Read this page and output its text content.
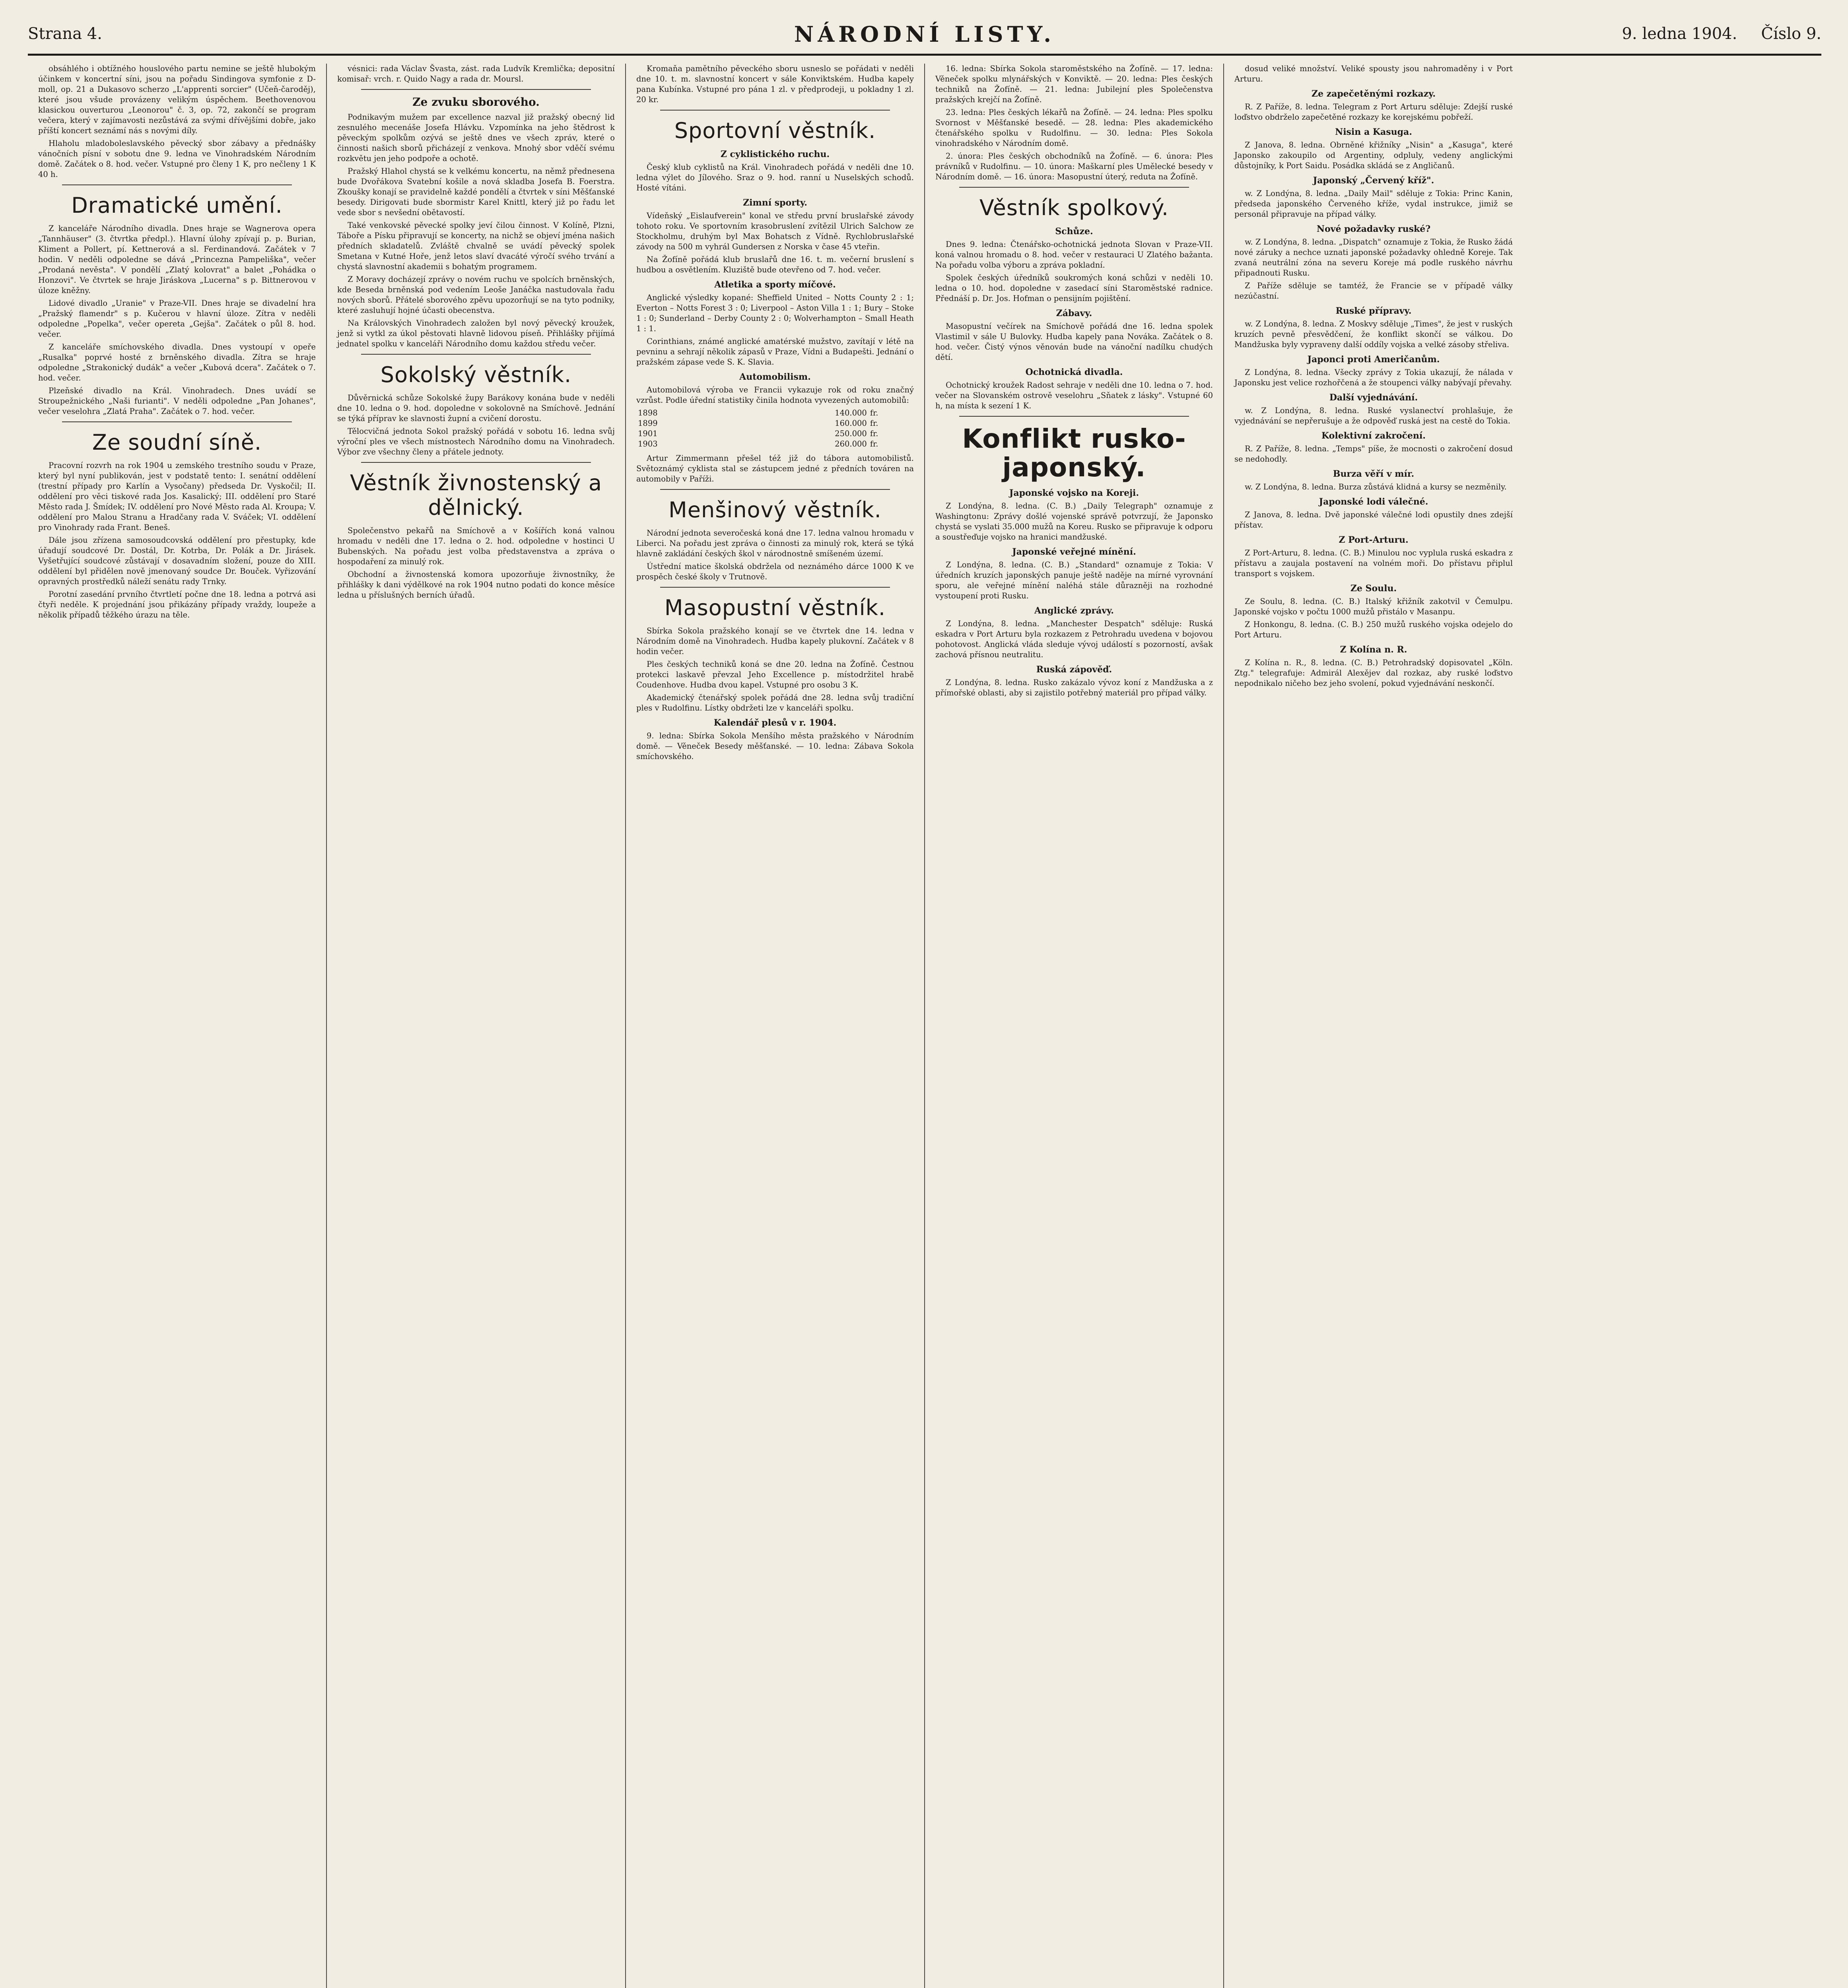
Strana 4.	NÁRODNÍ LISTY.	9. ledna 1904. Číslo 9.

obsáhlého i obtížného houslového partu nemine se ještě hlubokým účinkem v koncertní síni, jsou na pořadu Sindingova symfonie z D-moll, op. 21 a Dukasovo scherzo „L'apprenti sorcier" (Učeň-čaroděj), které jsou všude provázeny velikým úspěchem. Beethovenovou klasickou ouverturou „Leonorou" č. 3, op. 72, zakončí se program večera, který v zajímavosti nezůstává za svými dřívějšími dobře, jako příští koncert seznámí nás s novými díly.

Hlaholu mladoboleslavského pěvecký sbor zábavy a přednášky vánočních písní v sobotu dne 9. ledna ve Vinohradském Národním domě. Začátek o 8. hod. večer. Vstupné pro členy 1 K, pro nečleny 1 K 40 h.

Dramatické umění.

Z kanceláře Národního divadla. Dnes hraje se Wagnerova opera „Tannhäuser" (3. čtvrtka předpl.). Hlavní úlohy zpívají p. p. Burian, Kliment a Pollert, pí. Kettnerová a sl. Ferdinandová. Začátek v 7 hodin. V neděli odpoledne se dává „Princezna Pampeliška", večer „Prodaná nevěsta". V pondělí „Zlatý kolovrat" a balet „Pohádka o Honzovi". Ve čtvrtek se hraje Jiráskova „Lucerna" s p. Bittnerovou v úloze kněžny.

Lidové divadlo „Uranie" v Praze-VII. Dnes hraje se divadelní hra „Pražský flamendr" s p. Kučerou v hlavní úloze. Zítra v neděli odpoledne „Popelka", večer opereta „Gejša". Začátek o půl 8. hod. večer.

Z kanceláře smíchovského divadla. Dnes vystoupí v opeře „Rusalka" poprvé hosté z brněnského divadla. Zítra se hraje odpoledne „Strakonický dudák" a večer „Kubová dcera". Začátek o 7. hod. večer.

Plzeňské divadlo na Král. Vinohradech. Dnes uvádí se Stroupežnického „Naši furianti". V neděli odpoledne „Pan Johanes", večer veselohra „Zlatá Praha". Začátek o 7. hod. večer.

Ze soudní síně.

Pracovní rozvrh na rok 1904 u zemského trestního soudu v Praze, který byl nyní publikován, jest v podstatě tento: I. senátní oddělení (trestní případy pro Karlín a Vysočany) předseda Dr. Vyskočil; II. oddělení pro věci tiskové rada Jos. Kasalický; III. oddělení pro Staré Město rada J. Šmídek; IV. oddělení pro Nové Město rada Al. Kroupa; V. oddělení pro Malou Stranu a Hradčany rada V. Sváček; VI. oddělení pro Vinohrady rada Frant. Beneš.

Dále jsou zřízena samosoudcovská oddělení pro přestupky, kde úřadují soudcové Dr. Dostál, Dr. Kotrba, Dr. Polák a Dr. Jirásek. Vyšetřující soudcové zůstávají v dosavadním složení, pouze do XIII. oddělení byl přidělen nově jmenovaný soudce Dr. Bouček. Vyřizování opravných prostředků náleží senátu rady Trnky.

Porotní zasedání prvního čtvrtletí počne dne 18. ledna a potrvá asi čtyři neděle. K projednání jsou přikázány případy vraždy, loupeže a několik případů těžkého úrazu na těle.

vésnici: rada Václav Švasta, zást. rada Ludvík Kremlička; depositní komisař: vrch. r. Quido Nagy a rada dr. Moursl.

Ze zvuku sborového.

Podnikavým mužem par excellence nazval již pražský obecný lid zesnulého mecenáše Josefa Hlávku. Vzpomínka na jeho štědrost k pěveckým spolkům ozývá se ještě dnes ve všech zpráv, které o činnosti našich sborů přicházejí z venkova. Mnohý sbor vděčí svému rozkvětu jen jeho podpoře a ochotě.

Pražský Hlahol chystá se k velkému koncertu, na němž přednesena bude Dvořákova Svatební košile a nová skladba Josefa B. Foerstra. Zkoušky konají se pravidelně každé pondělí a čtvrtek v síni Měšťanské besedy. Dirigovati bude sbormistr Karel Knittl, který již po řadu let vede sbor s nevšední obětavostí.

Také venkovské pěvecké spolky jeví čilou činnost. V Kolíně, Plzni, Táboře a Písku připravují se koncerty, na nichž se objeví jména našich předních skladatelů. Zvláště chvalně se uvádí pěvecký spolek Smetana v Kutné Hoře, jenž letos slaví dvacáté výročí svého trvání a chystá slavnostní akademii s bohatým programem.

Z Moravy docházejí zprávy o novém ruchu ve spolcích brněnských, kde Beseda brněnská pod vedením Leoše Janáčka nastudovala řadu nových sborů. Přátelé sborového zpěvu upozorňují se na tyto podniky, které zasluhují hojné účasti obecenstva.

Na Královských Vinohradech založen byl nový pěvecký kroužek, jenž si vytkl za úkol pěstovati hlavně lidovou píseň. Přihlášky přijímá jednatel spolku v kanceláři Národního domu každou středu večer.

Sokolský věstník.

Důvěrnická schůze Sokolské župy Barákovy konána bude v neděli dne 10. ledna o 9. hod. dopoledne v sokolovně na Smíchově. Jednání se týká příprav ke slavnosti župní a cvičení dorostu.

Tělocvičná jednota Sokol pražský pořádá v sobotu 16. ledna svůj výroční ples ve všech místnostech Národního domu na Vinohradech. Výbor zve všechny členy a přátele jednoty.

Věstník živnostenský a dělnický.

Společenstvo pekařů na Smíchově a v Košířích koná valnou hromadu v neděli dne 17. ledna o 2. hod. odpoledne v hostinci U Bubenských. Na pořadu jest volba představenstva a zpráva o hospodaření za minulý rok.

Obchodní a živnostenská komora upozorňuje živnostníky, že přihlášky k dani výdělkové na rok 1904 nutno podati do konce měsíce ledna u příslušných berních úřadů.

Kromaňa pamětního pěveckého sboru usneslo se pořádati v neděli dne 10. t. m. slavnostní koncert v sále Konviktském. Hudba kapely pana Kubínka. Vstupné pro pána 1 zl. v předprodeji, u pokladny 1 zl. 20 kr.

Sportovní věstník.
Z cyklistického ruchu.

Český klub cyklistů na Král. Vinohradech pořádá v neděli dne 10. ledna výlet do Jílového. Sraz o 9. hod. ranní u Nuselských schodů. Hosté vítáni.

Zimní sporty.

Vídeňský „Eislaufverein" konal ve středu první bruslařské závody tohoto roku. Ve sportovním krasobruslení zvítězil Ulrich Salchow ze Stockholmu, druhým byl Max Bohatsch z Vídně. Rychlobruslařské závody na 500 m vyhrál Gundersen z Norska v čase 45 vteřin.

Na Žofíně pořádá klub bruslařů dne 16. t. m. večerní bruslení s hudbou a osvětlením. Kluziště bude otevřeno od 7. hod. večer.

Atletika a sporty míčové.

Anglické výsledky kopané: Sheffield United – Notts County 2 : 1; Everton – Notts Forest 3 : 0; Liverpool – Aston Villa 1 : 1; Bury – Stoke 1 : 0; Sunderland – Derby County 2 : 0; Wolverhampton – Small Heath 1 : 1.

Corinthians, známé anglické amatérské mužstvo, zavítají v létě na pevninu a sehrají několik zápasů v Praze, Vídni a Budapešti. Jednání o pražském zápase vede S. K. Slavia.

Automobilism.

Automobilová výroba ve Francii vykazuje rok od roku značný vzrůst. Podle úřední statistiky činila hodnota vyvezených automobilů:

1898	140.000	fr.
1899	160.000	fr.
1901	250.000	fr.
1903	260.000	fr.

Artur Zimmermann přešel též již do tábora automobilistů. Světoznámý cyklista stal se zástupcem jedné z předních továren na automobily v Paříži.

Menšinový věstník.

Národní jednota severočeská koná dne 17. ledna valnou hromadu v Liberci. Na pořadu jest zpráva o činnosti za minulý rok, která se týká hlavně zakládání českých škol v národnostně smíšeném území.

Ústřední matice školská obdržela od neznámého dárce 1000 K ve prospěch české školy v Trutnově.

Masopustní věstník.

Sbírka Sokola pražského konají se ve čtvrtek dne 14. ledna v Národním domě na Vinohradech. Hudba kapely plukovní. Začátek v 8 hodin večer.

Ples českých techniků koná se dne 20. ledna na Žofíně. Čestnou protekci laskavě převzal Jeho Excellence p. místodržitel hrabě Coudenhove. Hudba dvou kapel. Vstupné pro osobu 3 K.

Akademický čtenářský spolek pořádá dne 28. ledna svůj tradiční ples v Rudolfinu. Lístky obdržeti lze v kanceláři spolku.

Kalendář plesů v r. 1904.

9. ledna: Sbírka Sokola Menšího města pražského v Národním domě. — Věneček Besedy měšťanské. — 10. ledna: Zábava Sokola smíchovského.

16. ledna: Sbírka Sokola staroměstského na Žofíně. — 17. ledna: Věneček spolku mlynářských v Konviktě. — 20. ledna: Ples českých techniků na Žofíně. — 21. ledna: Jubilejní ples Společenstva pražských krejčí na Žofíně.

23. ledna: Ples českých lékařů na Žofíně. — 24. ledna: Ples spolku Svornost v Měšťanské besedě. — 28. ledna: Ples akademického čtenářského spolku v Rudolfinu. — 30. ledna: Ples Sokola vinohradského v Národním domě.

2. února: Ples českých obchodníků na Žofíně. — 6. února: Ples právníků v Rudolfinu. — 10. února: Maškarní ples Umělecké besedy v Národním domě. — 16. února: Masopustní úterý, reduta na Žofíně.

Věstník spolkový.
Schůze.

Dnes 9. ledna: Čtenářsko-ochotnická jednota Slovan v Praze-VII. koná valnou hromadu o 8. hod. večer v restauraci U Zlatého bažanta. Na pořadu volba výboru a zpráva pokladní.

Spolek českých úředníků soukromých koná schůzi v neděli 10. ledna o 10. hod. dopoledne v zasedací síni Staroměstské radnice. Přednáší p. Dr. Jos. Hofman o pensijním pojištění.

Zábavy.

Masopustní večírek na Smíchově pořádá dne 16. ledna spolek Vlastimil v sále U Bulovky. Hudba kapely pana Nováka. Začátek o 8. hod. večer. Čistý výnos věnován bude na vánoční nadílku chudých dětí.

Ochotnická divadla.

Ochotnický kroužek Radost sehraje v neděli dne 10. ledna o 7. hod. večer na Slovanském ostrově veselohru „Sňatek z lásky". Vstupné 60 h, na místa k sezení 1 K.

Konflikt rusko-japonský.
Japonské vojsko na Koreji.

Z Londýna, 8. ledna. (C. B.) „Daily Telegraph" oznamuje z Washingtonu: Zprávy došlé vojenské správě potvrzují, že Japonsko chystá se vyslati 35.000 mužů na Koreu. Rusko se připravuje k odporu a soustřeďuje vojsko na hranici mandžuské.

Japonské veřejné mínění.

Z Londýna, 8. ledna. (C. B.) „Standard" oznamuje z Tokia: V úředních kruzích japonských panuje ještě naděje na mírné vyrovnání sporu, ale veřejné mínění naléhá stále důrazněji na rozhodné vystoupení proti Rusku.

Anglické zprávy.

Z Londýna, 8. ledna. „Manchester Despatch" sděluje: Ruská eskadra v Port Arturu byla rozkazem z Petrohradu uvedena v bojovou pohotovost. Anglická vláda sleduje vývoj událostí s pozorností, avšak zachová přísnou neutralitu.

Ruská zápověď.

Z Londýna, 8. ledna. Rusko zakázalo vývoz koní z Mandžuska a z přímořské oblasti, aby si zajistilo potřebný materiál pro případ války.

dosud veliké množství. Veliké spousty jsou nahromaděny i v Port Arturu.

Ze zapečetěnými rozkazy.

R. Z Paříže, 8. ledna. Telegram z Port Arturu sděluje: Zdejší ruské loďstvo obdrželo zapečetěné rozkazy ke korejskému pobřeží.

Nisin a Kasuga.

Z Janova, 8. ledna. Obrněné křižníky „Nisin" a „Kasuga", které Japonsko zakoupilo od Argentiny, odpluly, vedeny anglickými důstojníky, k Port Saidu. Posádka skládá se z Angličanů.

Japonský „Červený kříž".

w. Z Londýna, 8. ledna. „Daily Mail" sděluje z Tokia: Princ Kanin, předseda japonského Červeného kříže, vydal instrukce, jimiž se personál připravuje na případ války.

Nové požadavky ruské?

w. Z Londýna, 8. ledna. „Dispatch" oznamuje z Tokia, že Rusko žádá nové záruky a nechce uznati japonské požadavky ohledně Koreje. Tak zvaná neutrální zóna na severu Koreje má podle ruského návrhu připadnouti Rusku.

Z Paříže sděluje se tamtéž, že Francie se v případě války nezúčastní.

Ruské přípravy.

w. Z Londýna, 8. ledna. Z Moskvy sděluje „Times", že jest v ruských kruzích pevně přesvědčení, že konflikt skončí se válkou. Do Mandžuska byly vypraveny další oddíly vojska a velké zásoby střeliva.

Japonci proti Američanům.

Z Londýna, 8. ledna. Všecky zprávy z Tokia ukazují, že nálada v Japonsku jest velice rozhořčená a že stoupenci války nabývají převahy.

Další vyjednávání.

w. Z Londýna, 8. ledna. Ruské vyslanectví prohlašuje, že vyjednávání se nepřerušuje a že odpověď ruská jest na cestě do Tokia.

Kolektivní zakročení.

R. Z Paříže, 8. ledna. „Temps" píše, že mocnosti o zakročení dosud se nedohodly.

Burza věří v mír.

w. Z Londýna, 8. ledna. Burza zůstává klidná a kursy se nezměnily.

Japonské lodi válečné.

Z Janova, 8. ledna. Dvě japonské válečné lodi opustily dnes zdejší přístav.

Z Port-Arturu.

Z Port-Arturu, 8. ledna. (C. B.) Minulou noc vyplula ruská eskadra z přístavu a zaujala postavení na volném moři. Do přístavu připlul transport s vojskem.

Ze Soulu.

Ze Soulu, 8. ledna. (C. B.) Italský křižník zakotvil v Čemulpu. Japonské vojsko v počtu 1000 mužů přistálo v Masanpu.

Z Honkongu, 8. ledna. (C. B.) 250 mužů ruského vojska odejelo do Port Arturu.

Z Kolína n. R.

Z Kolína n. R., 8. ledna. (C. B.) Petrohradský dopisovatel „Köln. Ztg." telegrafuje: Admirál Alexějev dal rozkaz, aby ruské loďstvo nepodnikalo ničeho bez jeho svolení, pokud vyjednávání neskončí.
